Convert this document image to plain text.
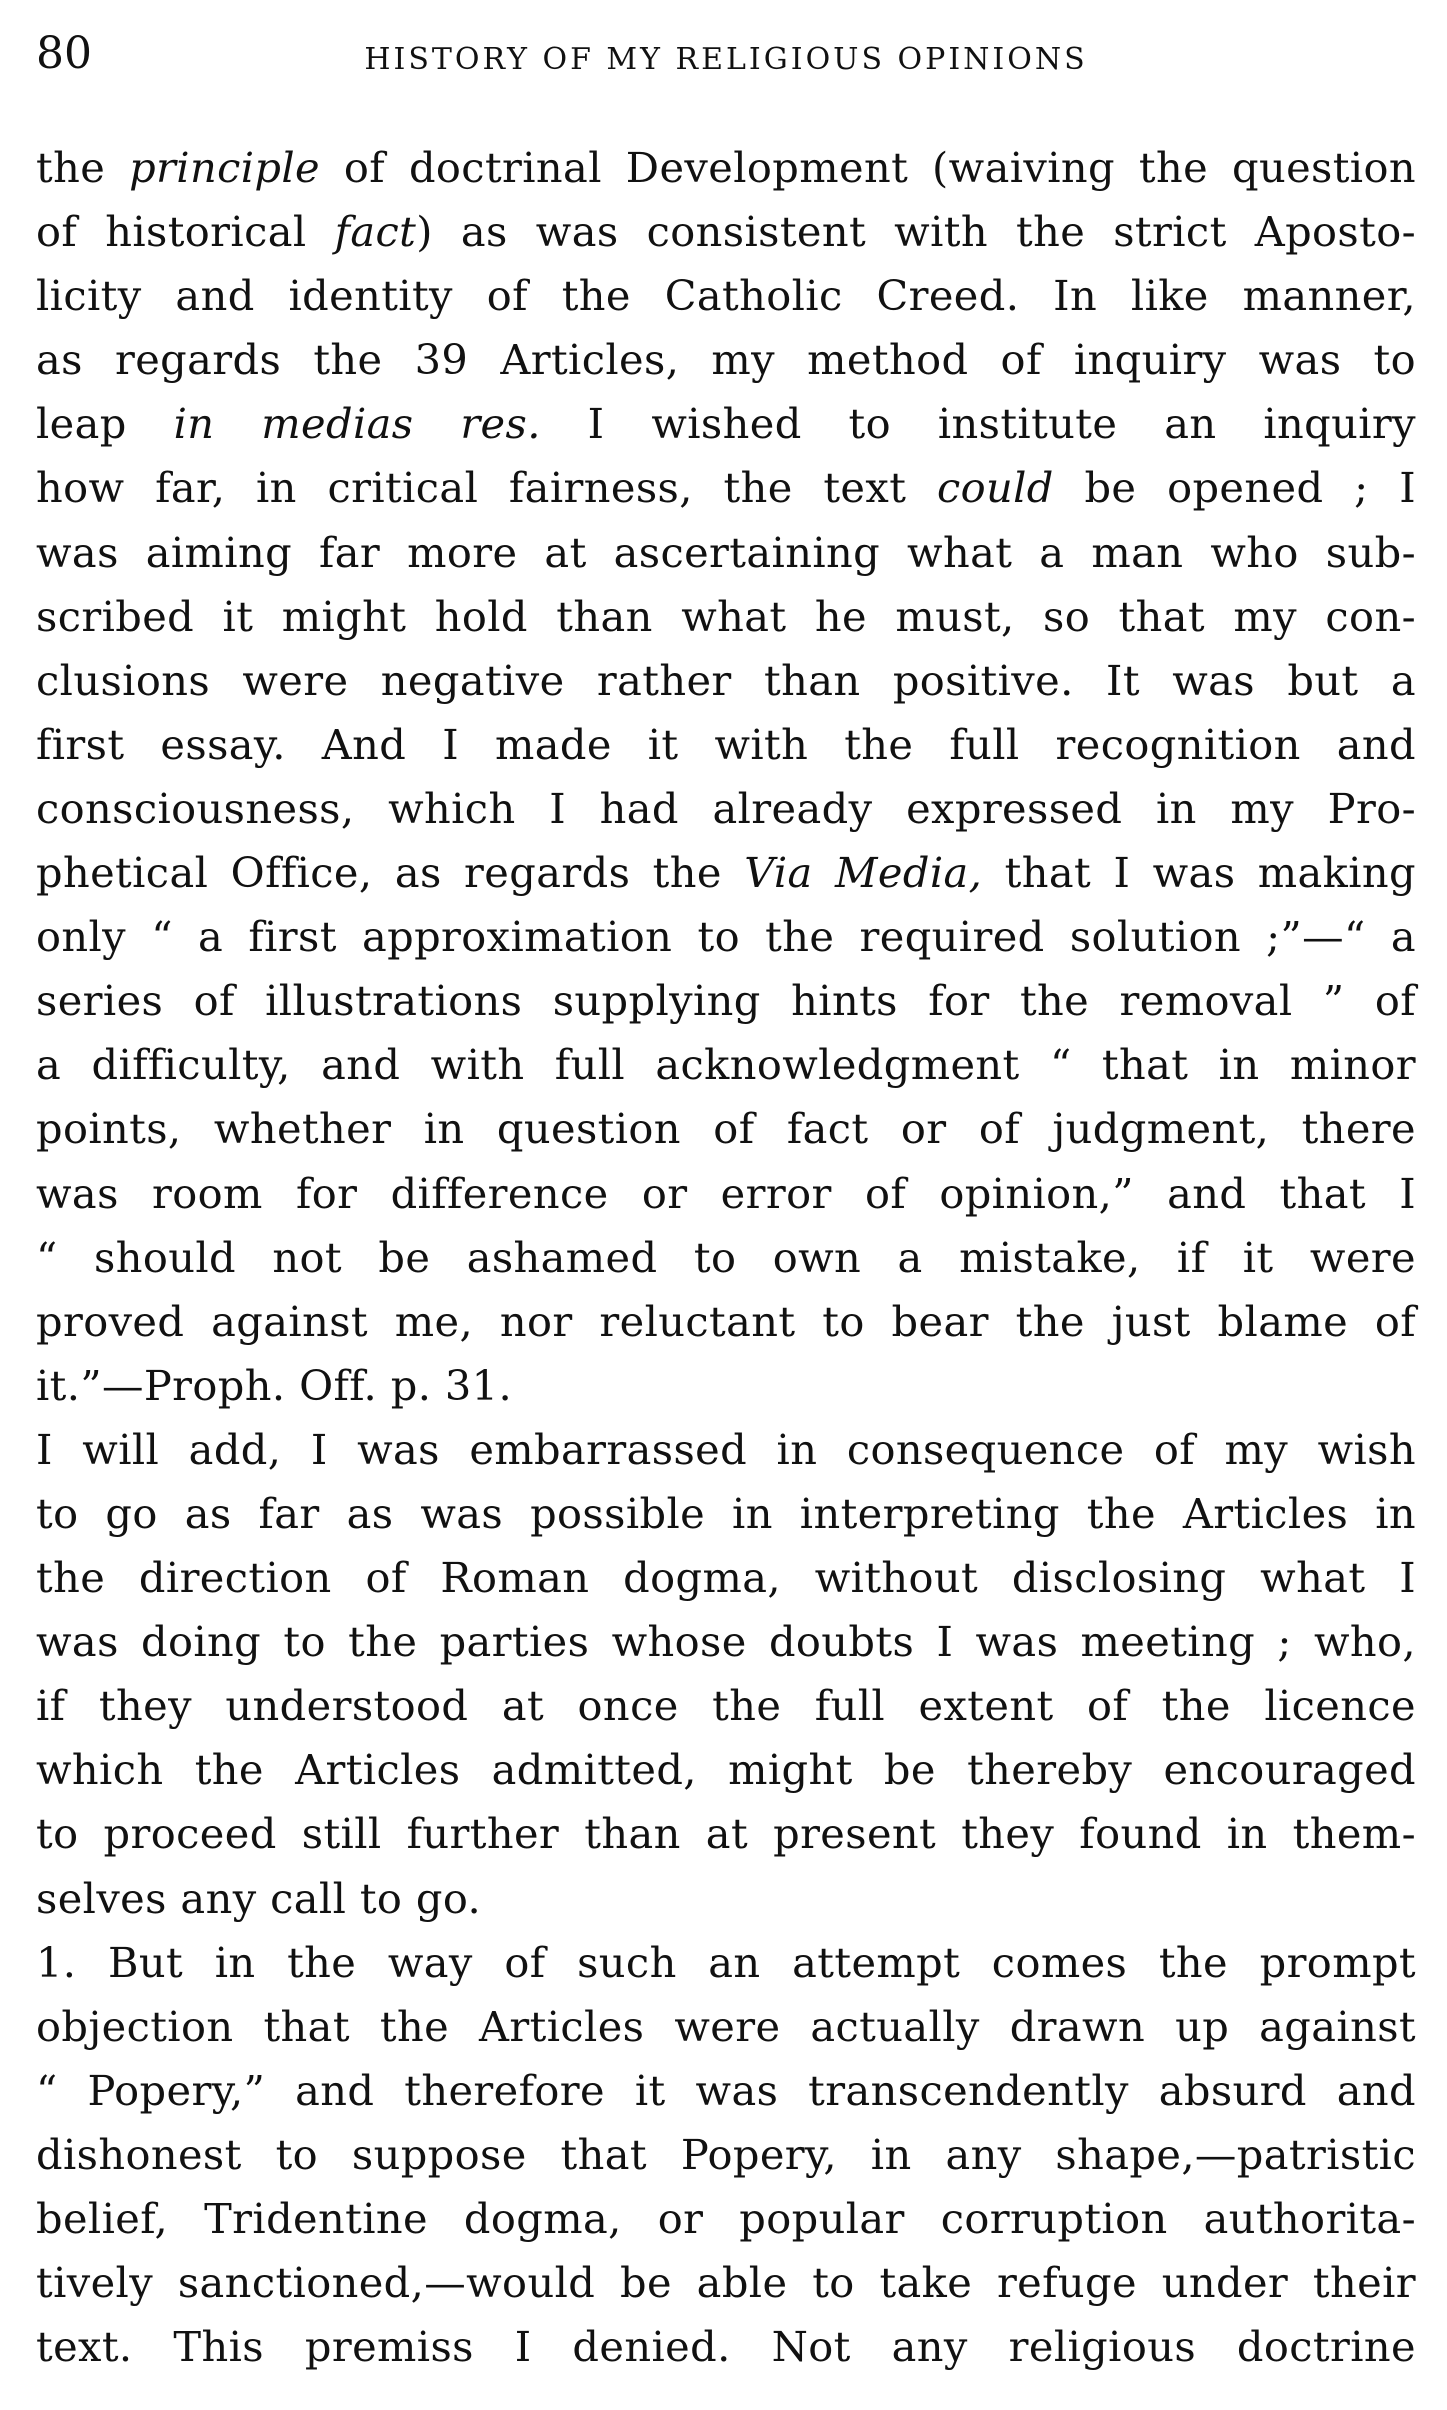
80	HISTORY OF MY RELIGIOUS OPINIONS
the principle of doctrinal Development (waiving the question
of historical fact) as was consistent with the strict Aposto-
licity and identity of the Catholic Creed. In like manner,
as regards the 39 Articles, my method of inquiry was to
leap in medias res. I wished to institute an inquiry
how far, in critical fairness, the text could be opened ; I
was aiming far more at ascertaining what a man who sub-
scribed it might hold than what he must, so that my con-
clusions were negative rather than positive. It was but a
first essay. And I made it with the full recognition and
consciousness, which I had already expressed in my Pro-
phetical Office, as regards the Via Media, that I was making
only “ a first approximation to the required solution ;”—“ a
series of illustrations supplying hints for the removal ” of
a difficulty, and with full acknowledgment “ that in minor
points, whether in question of fact or of judgment, there
was room for difference or error of opinion,” and that I
“ should not be ashamed to own a mistake, if it were
proved against me, nor reluctant to bear the just blame of
it.”—Proph. Off. p. 31.
I will add, I was embarrassed in consequence of my wish
to go as far as was possible in interpreting the Articles in
the direction of Roman dogma, without disclosing what I
was doing to the parties whose doubts I was meeting ; who,
if they understood at once the full extent of the licence
which the Articles admitted, might be thereby encouraged
to proceed still further than at present they found in them-
selves any call to go.
1. But in the way of such an attempt comes the prompt
objection that the Articles were actually drawn up against
“ Popery,” and therefore it was transcendently absurd and
dishonest to suppose that Popery, in any shape,—patristic
belief, Tridentine dogma, or popular corruption authorita-
tively sanctioned,—would be able to take refuge under their
text. This premiss I denied. Not any religious doctrine
